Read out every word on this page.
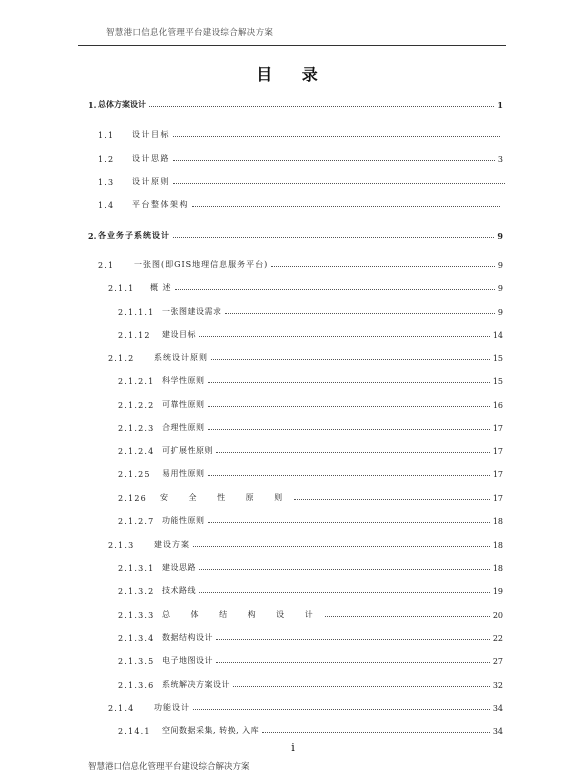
智慧港口信息化管理平台建设综合解决方案
目 录
1. 总体方案设计	1
1.1	设计目标
1.2	设计思路	3
1.3	设计原则
1.4	平台整体架构
2. 各业务子系统设计	9
2.1	一张图(即GIS地理信息服务平台)	9
2.1.1	概 述	9
2.1.1.1 一张图建设需求	9
2.1.12	建设目标	14
2.1.2	系统设计原则	15
2.1.2.1 科学性原则	15
2.1.2.2 可靠性原则	16
2.1.2.3 合理性原则	17
2.1.2.4 可扩展性原则	17
2.1.25	易用性原则	17
2.126	安 全 性 原 则	17
2.1.2.7 功能性原则	18
2.1.3	建设方案	18
2.1.3.1 建设思路	18
2.1.3.2 技术路线	19
2.1.3.3 总 体 结 构 设 计	20
2.1.3.4 数据结构设计	22
2.1.3.5 电子地图设计	27
2.1.3.6 系统解决方案设计	32
2.1.4	功能设计	34
2.14.1	空间数据采集, 转换, 入库	34
i
智慧港口信息化管理平台建设综合解决方案
